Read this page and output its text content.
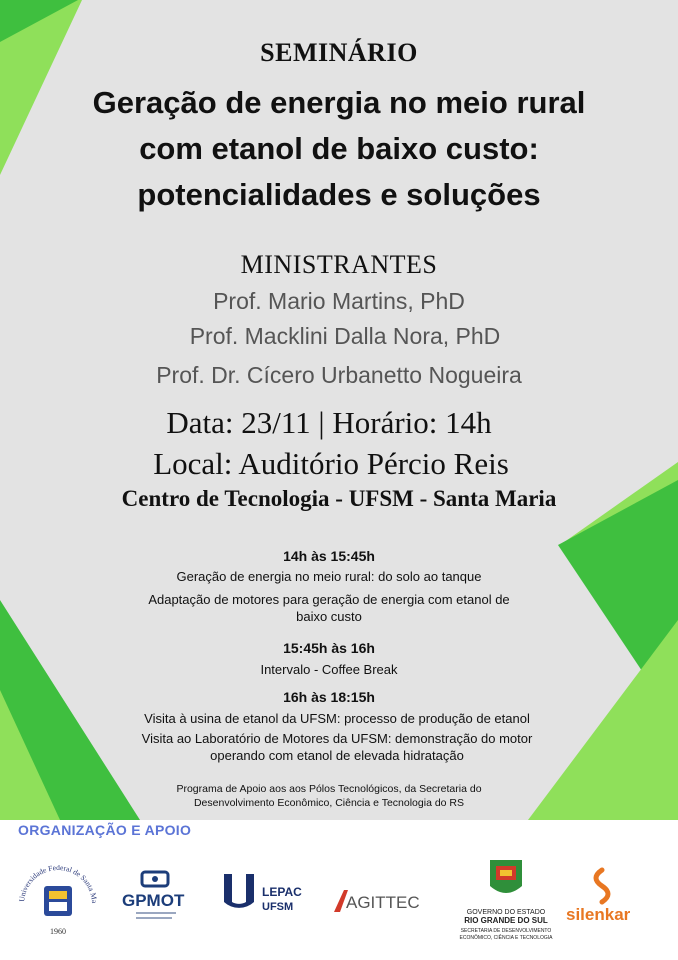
SEMINÁRIO
Geração de energia no meio rural
com etanol de baixo custo:
potencialidades e soluções
MINISTRANTES
Prof. Mario Martins, PhD
Prof. Macklini Dalla Nora, PhD
Prof. Dr. Cícero Urbanetto Nogueira
Data: 23/11 | Horário: 14h
Local: Auditório Pércio Reis
Centro de Tecnologia - UFSM - Santa Maria
14h às 15:45h
Geração de energia no meio rural: do solo ao tanque
Adaptação de motores para geração de energia com etanol de
baixo custo
15:45h às 16h
Intervalo - Coffee Break
16h às 18:15h
Visita à usina de etanol da UFSM: processo de produção de etanol
Visita ao Laboratório de Motores da UFSM: demonstração do motor
operando com etanol de elevada hidratação
Programa de Apoio aos aos Pólos Tecnológicos, da Secretaria do
Desenvolvimento Econômico, Ciência e Tecnologia do RS
ORGANIZAÇÃO E APOIO
Universidade Federal de Santa Ma
1960
GPMOT	LEPAC
UFSM	AGITTEC
GOVERNO DO ESTADO
RIO GRANDE DO SUL
SECRETARIA DE DESENVOLVIMENTO
ECONÔMICO, CIÊNCIA E TECNOLOGIA
silenkar
